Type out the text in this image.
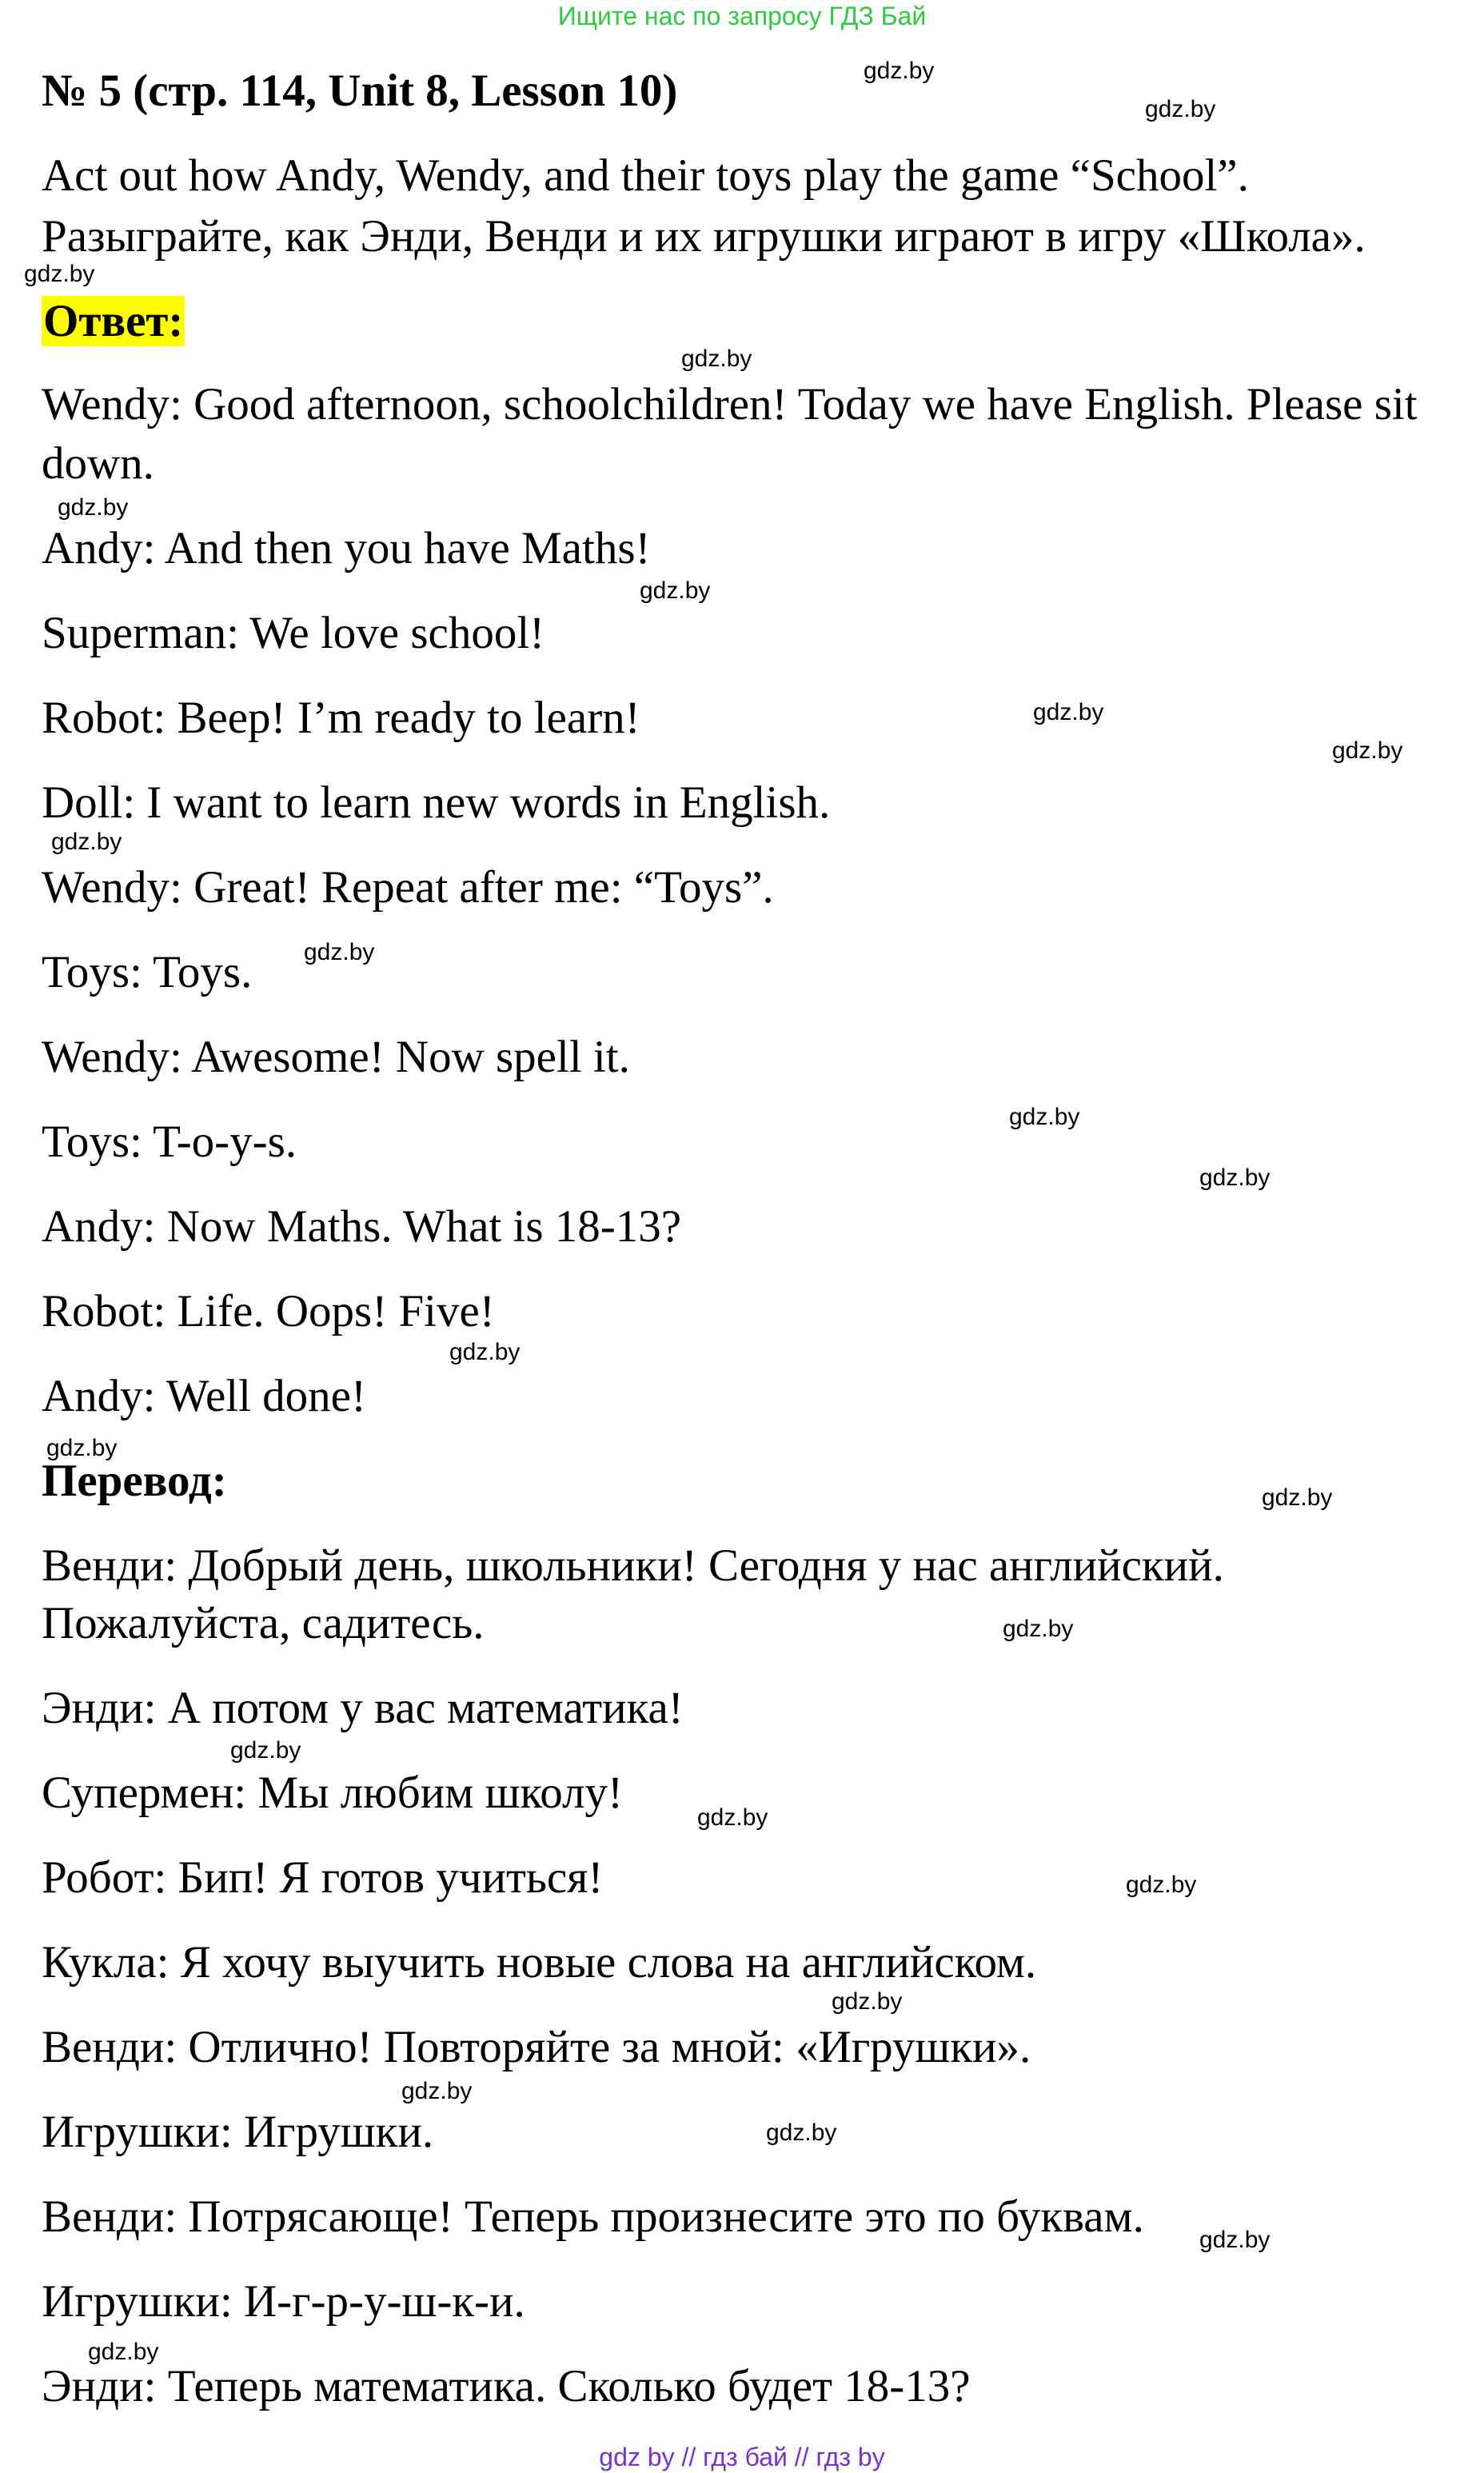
Ищите нас по запросу ГДЗ Бай
№ 5 (стр. 114, Unit 8, Lesson 10)
Act out how Andy, Wendy, and their toys play the game “School”.
Разыграйте, как Энди, Венди и их игрушки играют в игру «Школа».
Ответ:
Wendy: Good afternoon, schoolchildren! Today we have English. Please sit
down.
Andy: And then you have Maths!
Superman: We love school!
Robot: Beep! I’m ready to learn!
Doll: I want to learn new words in English.
Wendy: Great! Repeat after me: “Toys”.
Toys: Toys.
Wendy: Awesome! Now spell it.
Toys: T-o-y-s.
Andy: Now Maths. What is 18-13?
Robot: Life. Oops! Five!
Andy: Well done!
Перевод:
Венди: Добрый день, школьники! Сегодня у нас английский.
Пожалуйста, садитесь.
Энди: А потом у вас математика!
Супермен: Мы любим школу!
Робот: Бип! Я готов учиться!
Кукла: Я хочу выучить новые слова на английском.
Венди: Отлично! Повторяйте за мной: «Игрушки».
Игрушки: Игрушки.
Венди: Потрясающе! Теперь произнесите это по буквам.
Игрушки: И-г-р-у-ш-к-и.
Энди: Теперь математика. Сколько будет 18-13?
gdz.by
gdz.by
gdz.by
gdz.by
gdz.by
gdz.by
gdz.by
gdz.by
gdz.by
gdz.by
gdz.by
gdz.by
gdz.by
gdz.by
gdz.by
gdz.by
gdz.by
gdz.by
gdz.by
gdz.by
gdz.by
gdz.by
gdz.by
gdz.by
gdz by // гдз бай // гдз by
